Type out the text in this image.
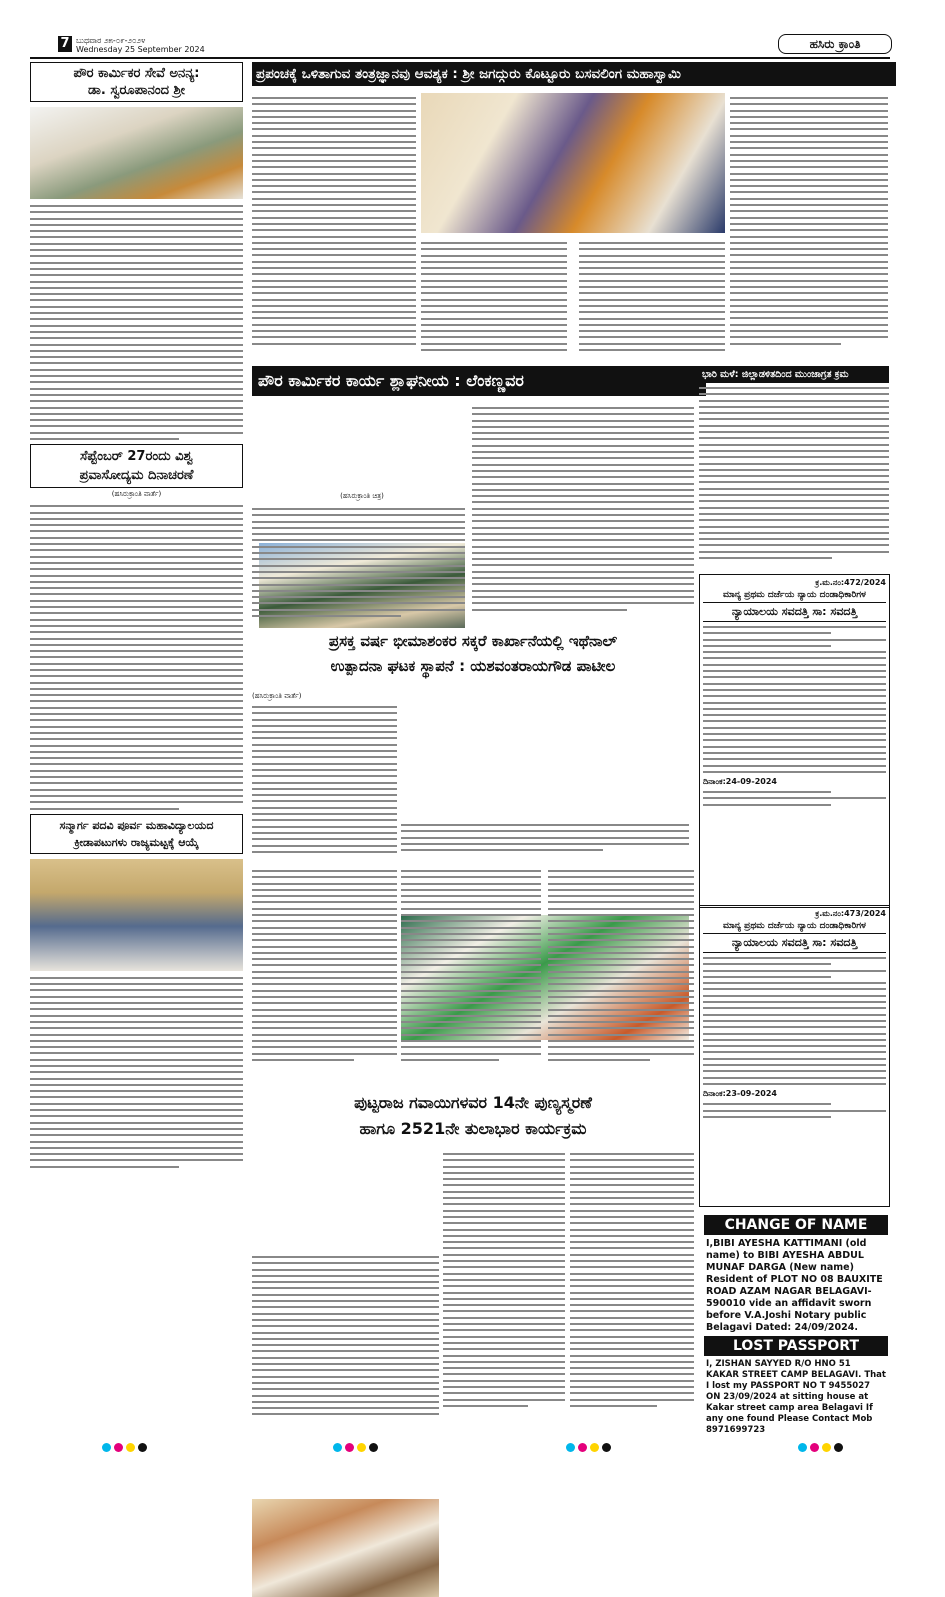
7 ಬುಧವಾರ ೨೫-೦೯-೨೦೨೪
Wednesday 25 September 2024	ಹಸಿರು ಕ್ರಾಂತಿ
ಪೌರ ಕಾರ್ಮಿಕರ ಸೇವೆ ಅನನ್ಯ:
ಡಾ. ಸ್ವರೂಪಾನಂದ ಶ್ರೀ
ಸೆಪ್ಟೆಂಬರ್ 27ರಂದು ವಿಶ್ವ
ಪ್ರವಾಸೋದ್ಯಮ ದಿನಾಚರಣೆ
(ಹಸಿರುಕ್ರಾಂತಿ ವಾರ್ತೆ)
ಸನ್ಮಾರ್ಗ ಪದವಿ ಪೂರ್ವ ಮಹಾವಿದ್ಯಾಲಯದ
ಕ್ರೀಡಾಪಟುಗಳು ರಾಜ್ಯಮಟ್ಟಕ್ಕೆ ಆಯ್ಕೆ
ಪ್ರಪಂಚಕ್ಕೆ ಒಳಿತಾಗುವ ತಂತ್ರಜ್ಞಾನವು ಆವಶ್ಯಕ : ಶ್ರೀ ಜಗದ್ಗುರು ಕೊಟ್ಟೂರು ಬಸವಲಿಂಗ ಮಹಾಸ್ವಾಮಿ
ಪೌರ ಕಾರ್ಮಿಕರ ಕಾರ್ಯ ಶ್ಲಾಘನೀಯ : ಲೆಂಕಣ್ಣವರ
(ಹಸಿರುಕ್ರಾಂತಿ ಚಿತ್ರ)
ಪ್ರಸಕ್ತ ವರ್ಷ ಭೀಮಾಶಂಕರ ಸಕ್ಕರೆ ಕಾರ್ಖಾನೆಯಲ್ಲಿ ಇಥೆನಾಲ್
ಉತ್ಪಾದನಾ ಘಟಕ ಸ್ಥಾಪನೆ : ಯಶವಂತರಾಯಗೌಡ ಪಾಟೀಲ
(ಹಸಿರುಕ್ರಾಂತಿ ವಾರ್ತೆ)
ಪುಟ್ಟರಾಜ ಗವಾಯಿಗಳವರ 14ನೇ ಪುಣ್ಯಸ್ಮರಣೆ
ಹಾಗೂ 2521ನೇ ತುಲಾಭಾರ ಕಾರ್ಯಕ್ರಮ
ಭಾರಿ ಮಳೆ: ಜಿಲ್ಲಾಡಳಿತದಿಂದ ಮುಂಜಾಗ್ರತ ಕ್ರಮ
ಕ್ರ.ಮ.ನಂ:472/2024
ಮಾನ್ಯ ಪ್ರಥಮ ದರ್ಜೆಯ ನ್ಯಾಯ ದಂಡಾಧಿಕಾರಿಗಳ
ನ್ಯಾಯಾಲಯ ಸವದತ್ತಿ ಸಾ: ಸವದತ್ತಿ
ದಿನಾಂಕ:24-09-2024
ಕ್ರ.ಮ.ನಂ:473/2024
ಮಾನ್ಯ ಪ್ರಥಮ ದರ್ಜೆಯ ನ್ಯಾಯ ದಂಡಾಧಿಕಾರಿಗಳ
ನ್ಯಾಯಾಲಯ ಸವದತ್ತಿ ಸಾ: ಸವದತ್ತಿ
ದಿನಾಂಕ:23-09-2024
CHANGE OF NAME
I,BIBI AYESHA KATTIMANI (old name) to BIBI AYESHA ABDUL MUNAF DARGA (New name) Resident of PLOT NO 08 BAUXITE ROAD AZAM NAGAR BELAGAVI-590010 vide an affidavit sworn before V.A.Joshi Notary public Belagavi Dated: 24/09/2024.
LOST PASSPORT
I, ZISHAN SAYYED R/O HNO 51 KAKAR STREET CAMP BELAGAVI. That I lost my PASSPORT NO T 9455027 ON 23/09/2024 at sitting house at Kakar street camp area Belagavi If any one found Please Contact Mob 8971699723
